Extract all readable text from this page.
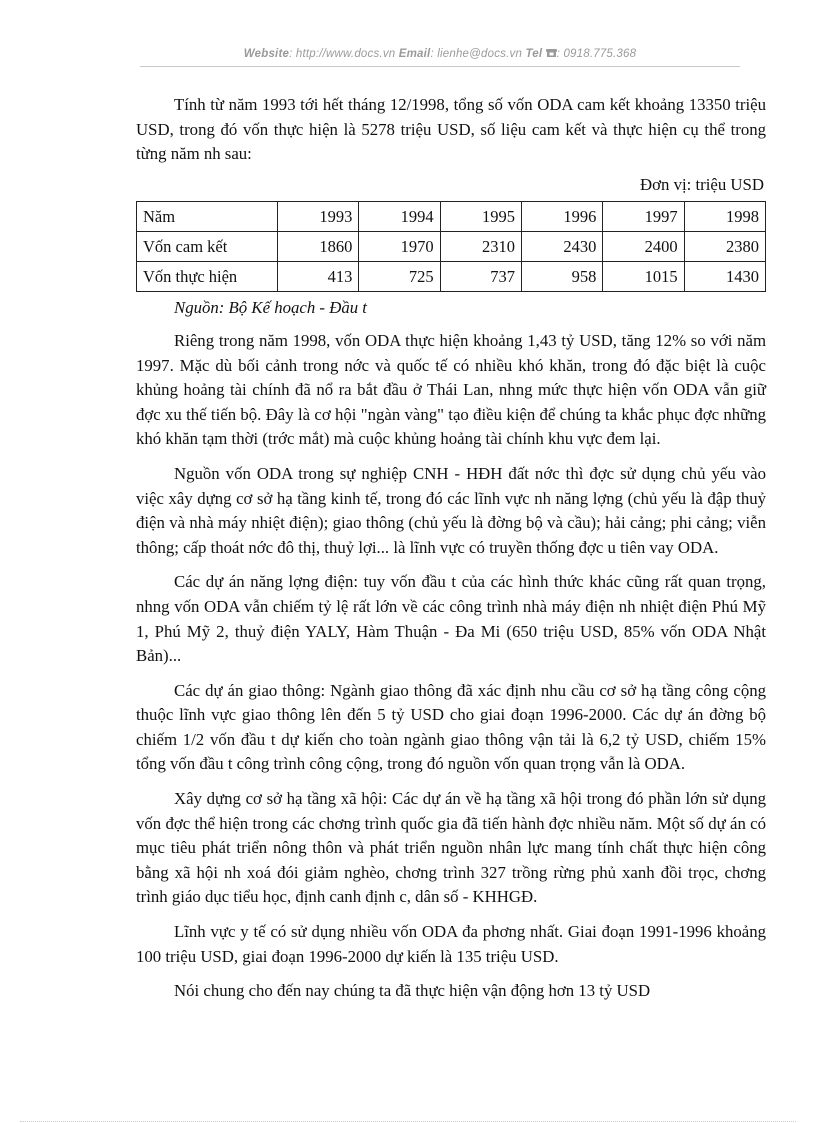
Website: http://www.docs.vn Email: lienhe@docs.vn Tel : 0918.775.368

Tính từ năm 1993 tới hết tháng 12/1998, tổng số vốn ODA cam kết khoảng 13350 triệu USD, trong đó vốn thực hiện là 5278 triệu USD, số liệu cam kết và thực hiện cụ thể trong từng năm nh sau:

Đơn vị: triệu USD
Năm	1993	1994	1995	1996	1997	1998
Vốn cam kết	1860	1970	2310	2430	2400	2380
Vốn thực hiện	413	725	737	958	1015	1430
Nguồn: Bộ Kế hoạch - Đầu t

Riêng trong năm 1998, vốn ODA thực hiện khoảng 1,43 tỷ USD, tăng 12% so với năm 1997. Mặc dù bối cảnh trong nớc và quốc tế có nhiều khó khăn, trong đó đặc biệt là cuộc khủng hoảng tài chính đã nổ ra bắt đầu ở Thái Lan, nhng mức thực hiện vốn ODA vẫn giữ đợc xu thế tiến bộ. Đây là cơ hội "ngàn vàng" tạo điều kiện để chúng ta khắc phục đợc những khó khăn tạm thời (trớc mắt) mà cuộc khủng hoảng tài chính khu vực đem lại.

Nguồn vốn ODA trong sự nghiệp CNH - HĐH đất nớc thì đợc sử dụng chủ yếu vào việc xây dựng cơ sở hạ tầng kinh tế, trong đó các lĩnh vực nh năng lợng (chủ yếu là đập thuỷ điện và nhà máy nhiệt điện); giao thông (chủ yếu là đờng bộ và cầu); hải cảng; phi cảng; viễn thông; cấp thoát nớc đô thị, thuỷ lợi... là lĩnh vực có truyền thống đợc u tiên vay ODA.

Các dự án năng lợng điện: tuy vốn đầu t của các hình thức khác cũng rất quan trọng, nhng vốn ODA vẫn chiếm tỷ lệ rất lớn về các công trình nhà máy điện nh nhiệt điện Phú Mỹ 1, Phú Mỹ 2, thuỷ điện YALY, Hàm Thuận - Đa Mi (650 triệu USD, 85% vốn ODA Nhật Bản)...

Các dự án giao thông: Ngành giao thông đã xác định nhu cầu cơ sở hạ tầng công cộng thuộc lĩnh vực giao thông lên đến 5 tỷ USD cho giai đoạn 1996-2000. Các dự án đờng bộ chiếm 1/2 vốn đầu t dự kiến cho toàn ngành giao thông vận tải là 6,2 tỷ USD, chiếm 15% tổng vốn đầu t công trình công cộng, trong đó nguồn vốn quan trọng vẫn là ODA.

Xây dựng cơ sở hạ tầng xã hội: Các dự án về hạ tầng xã hội trong đó phần lớn sử dụng vốn đợc thể hiện trong các chơng trình quốc gia đã tiến hành đợc nhiều năm. Một số dự án có mục tiêu phát triển nông thôn và phát triển nguồn nhân lực mang tính chất thực hiện công bằng xã hội nh xoá đói giảm nghèo, chơng trình 327 trồng rừng phủ xanh đồi trọc, chơng trình giáo dục tiểu học, định canh định c, dân số - KHHGĐ.

Lĩnh vực y tế có sử dụng nhiều vốn ODA đa phơng nhất. Giai đoạn 1991-1996 khoảng 100 triệu USD, giai đoạn 1996-2000 dự kiến là 135 triệu USD.

Nói chung cho đến nay chúng ta đã thực hiện vận động hơn 13 tỷ USD
